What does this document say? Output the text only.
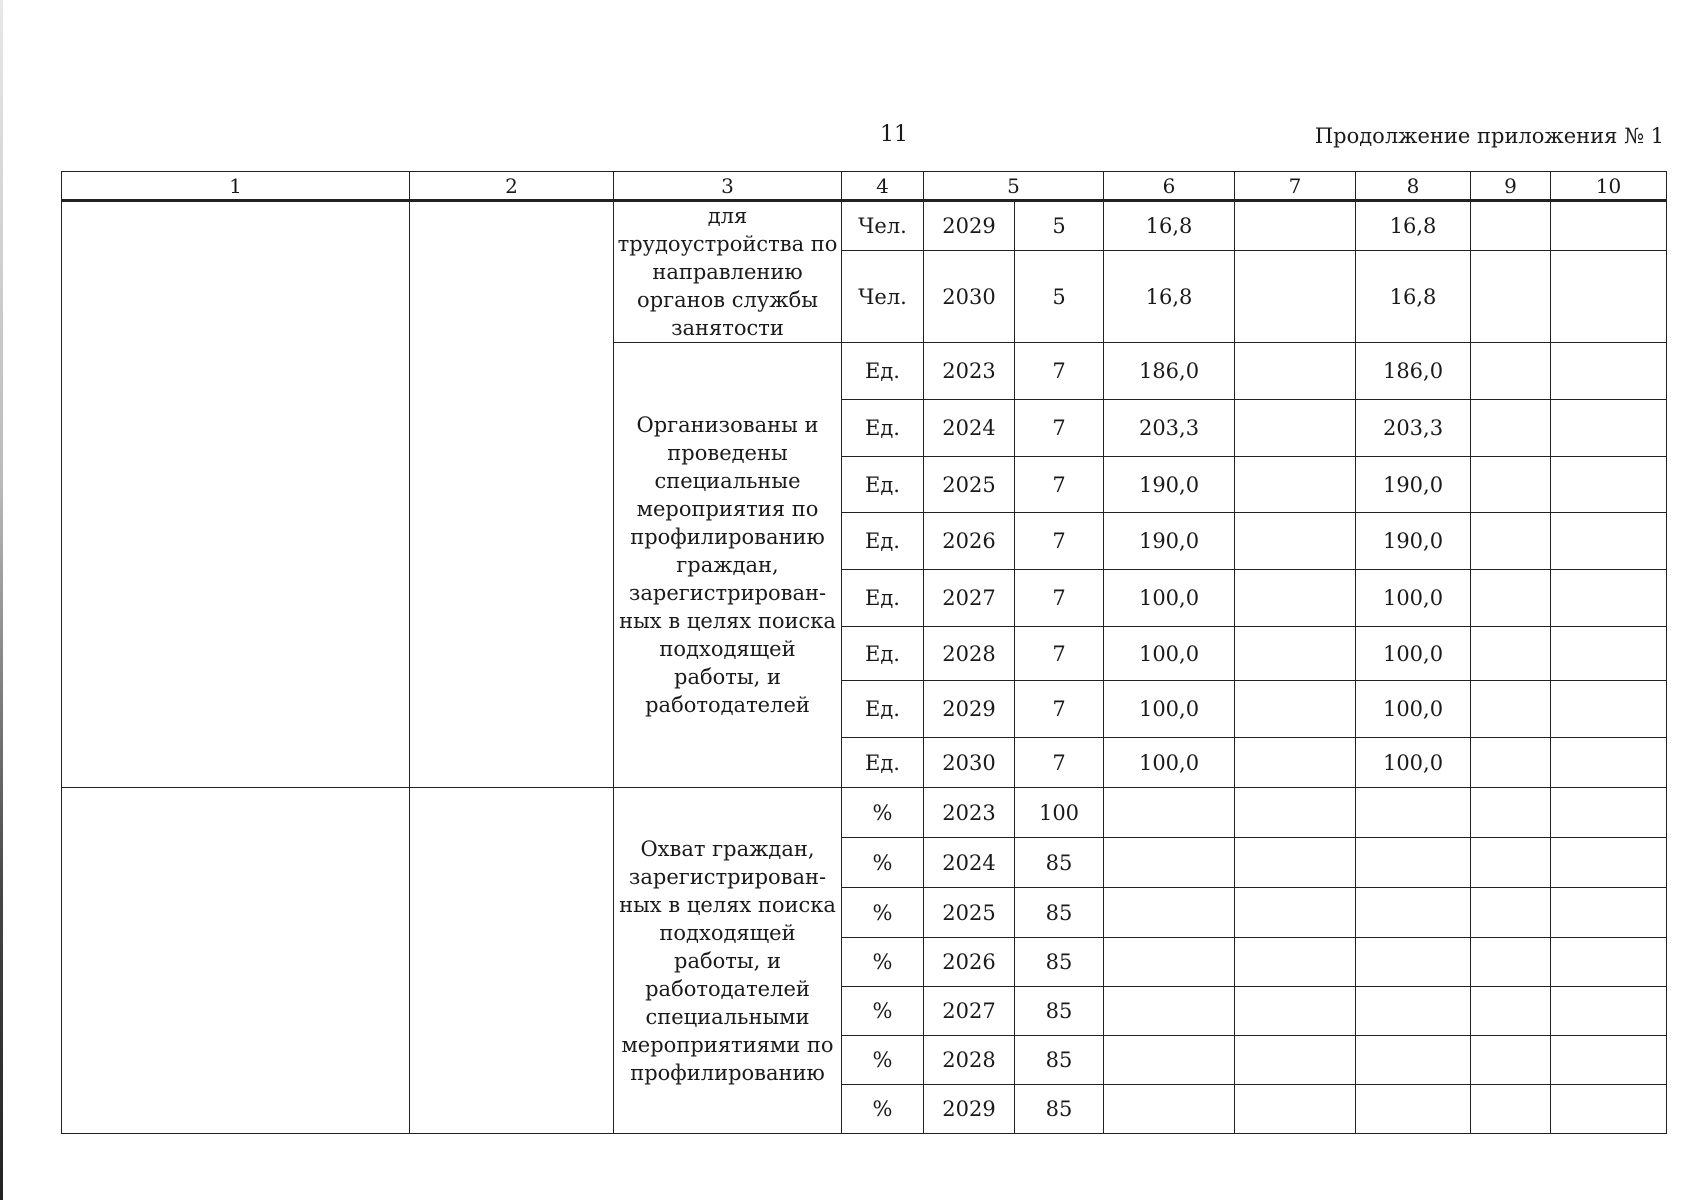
11	Продолжение приложения № 1
1	2	3	4	5		6	7	8	9	10
		для трудоустройства по направлению органов службы занятости	Чел.	2029	5	16,8		16,8		
			Чел.	2030	5	16,8		16,8		
		Организованы и проведены специальные мероприятия по профилированию граждан, зарегистрирован-ных в целях поиска подходящей работы, и работодателей	Ед.	2023	7	186,0		186,0		
			Ед.	2024	7	203,3		203,3		
			Ед.	2025	7	190,0		190,0		
			Ед.	2026	7	190,0		190,0		
			Ед.	2027	7	100,0		100,0		
			Ед.	2028	7	100,0		100,0		
			Ед.	2029	7	100,0		100,0		
			Ед.	2030	7	100,0		100,0		
		Охват граждан, зарегистрирован-ных в целях поиска подходящей работы, и работодателей специальными мероприятиями по профилированию	%	2023	100					
			%	2024	85					
			%	2025	85					
			%	2026	85					
			%	2027	85					
			%	2028	85					
			%	2029	85					
